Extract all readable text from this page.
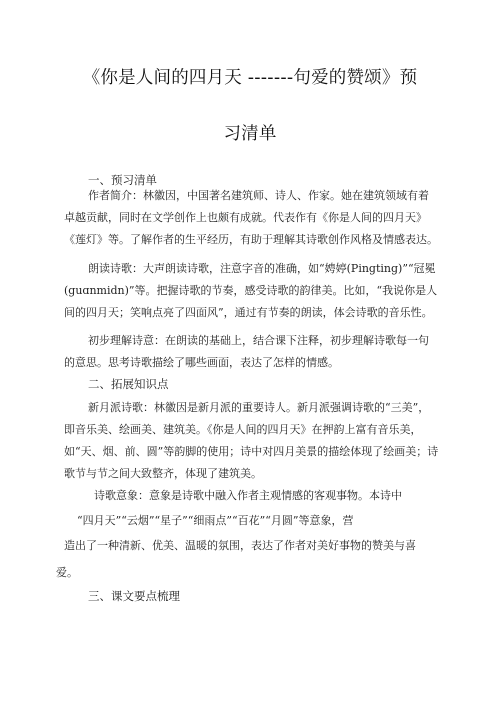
《你是人间的四月天 -------句爱的赞颂》预
习清单
一、预习清单
作者简介：林徽因，中国著名建筑师、诗人、作家。她在建筑领域有着卓越贡献，同时在文学创作上也颇有成就。代表作有《你是人间的四月天》《莲灯》等。了解作者的生平经历，有助于理解其诗歌创作风格及情感表达。
朗读诗歌：大声朗读诗歌，注意字音的准确，如“娉婷(Pingting)”“冠冕(guɑnmidn)”等。把握诗歌的节奏，感受诗歌的韵律美。比如，“我说你是人间的四月天；笑响点亮了四面风”，通过有节奏的朗读，体会诗歌的音乐性。
初步理解诗意：在朗读的基础上，结合课下注释，初步理解诗歌每一句的意思。思考诗歌描绘了哪些画面，表达了怎样的情感。
二、拓展知识点
新月派诗歌：林徽因是新月派的重要诗人。新月派强调诗歌的“三美”，即音乐美、绘画美、建筑美。《你是人间的四月天》在押韵上富有音乐美，如“天、烟、前、圆”等韵脚的使用；诗中对四月美景的描绘体现了绘画美；诗歌节与节之间大致整齐，体现了建筑美。
诗歌意象：意象是诗歌中融入作者主观情感的客观事物。本诗中
“四月天”“云烟”“星子”“细雨点”“百花”“月圆”等意象，营
造出了一种清新、优美、温暖的氛围，表达了作者对美好事物的赞美与喜
爱。
三、课文要点梳理
